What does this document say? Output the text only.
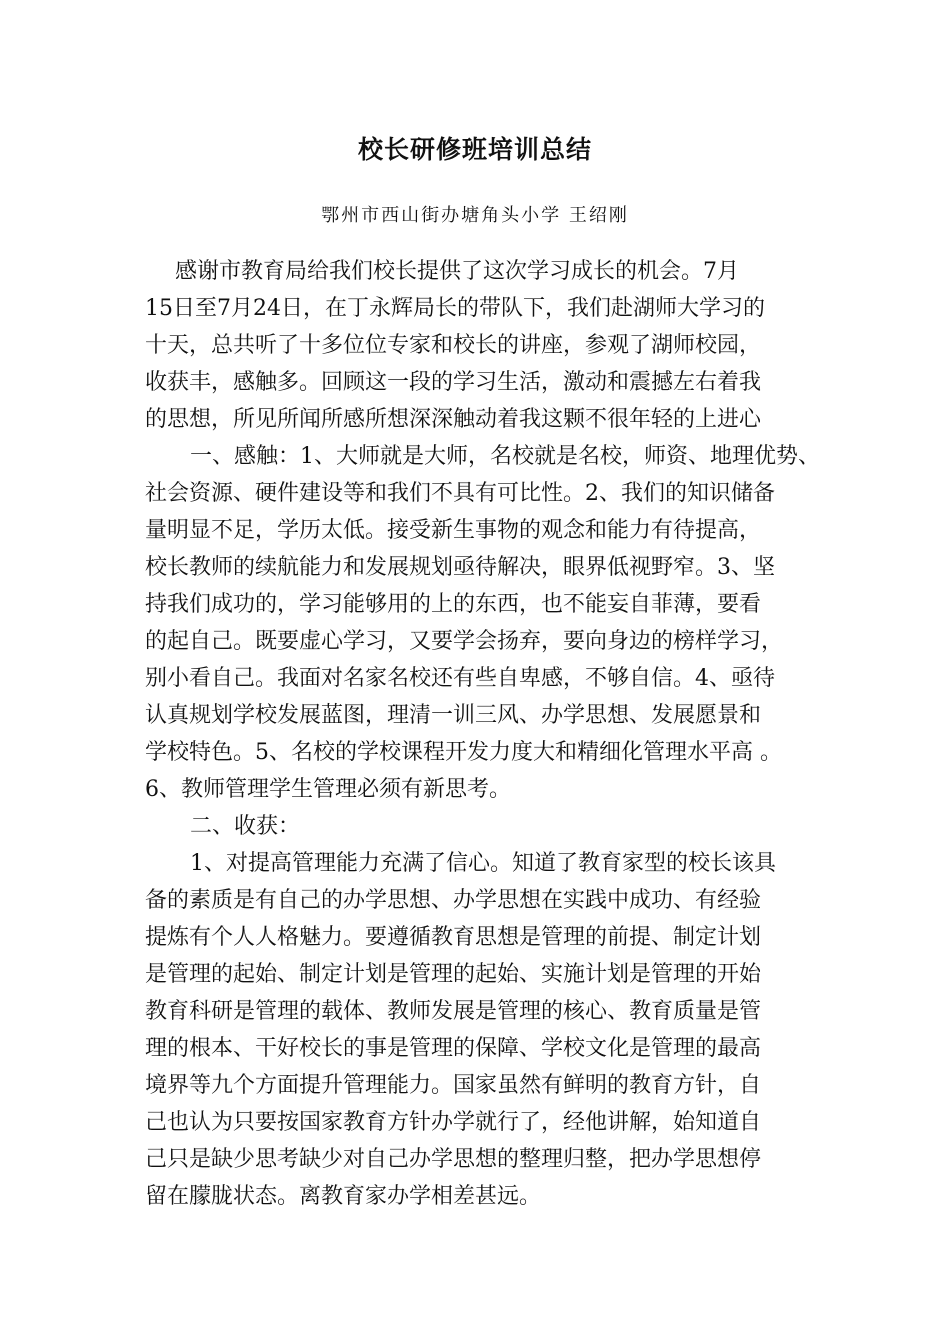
校长研修班培训总结
鄂州市西山街办塘角头小学 王绍刚
感谢市教育局给我们校长提供了这次学习成长的机会。7月
15日至7月24日，在丁永辉局长的带队下，我们赴湖师大学习的
十天，总共听了十多位位专家和校长的讲座，参观了湖师校园，
收获丰，感触多。回顾这一段的学习生活，激动和震撼左右着我
的思想，所见所闻所感所想深深触动着我这颗不很年轻的上进心
一、感触：1、大师就是大师，名校就是名校，师资、地理优势、
社会资源、硬件建设等和我们不具有可比性。2、我们的知识储备
量明显不足，学历太低。接受新生事物的观念和能力有待提高，
校长教师的续航能力和发展规划亟待解决，眼界低视野窄。3、坚
持我们成功的，学习能够用的上的东西，也不能妄自菲薄，要看
的起自己。既要虚心学习，又要学会扬弃，要向身边的榜样学习，
别小看自己。我面对名家名校还有些自卑感，不够自信。4、亟待
认真规划学校发展蓝图，理清一训三风、办学思想、发展愿景和
学校特色。5、名校的学校课程开发力度大和精细化管理水平高 。
6、教师管理学生管理必须有新思考。
二、收获：
1、对提高管理能力充满了信心。知道了教育家型的校长该具
备的素质是有自己的办学思想、办学思想在实践中成功、有经验
提炼有个人人格魅力。要遵循教育思想是管理的前提、制定计划
是管理的起始、制定计划是管理的起始、实施计划是管理的开始
教育科研是管理的载体、教师发展是管理的核心、教育质量是管
理的根本、干好校长的事是管理的保障、学校文化是管理的最高
境界等九个方面提升管理能力。国家虽然有鲜明的教育方针，自
己也认为只要按国家教育方针办学就行了，经他讲解，始知道自
己只是缺少思考缺少对自己办学思想的整理归整，把办学思想停
留在朦胧状态。离教育家办学相差甚远。
